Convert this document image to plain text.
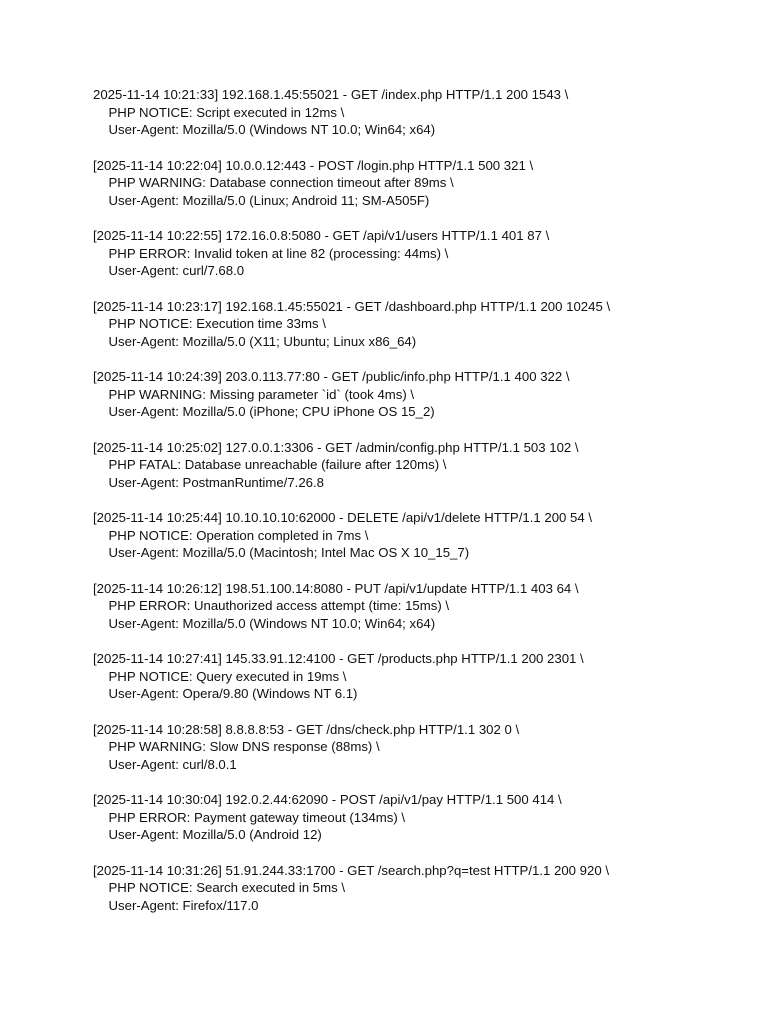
2025-11-14 10:21:33] 192.168.1.45:55021 - GET /index.php HTTP/1.1 200 1543 \
PHP NOTICE: Script executed in 12ms \
User-Agent: Mozilla/5.0 (Windows NT 10.0; Win64; x64)
[2025-11-14 10:22:04] 10.0.0.12:443 - POST /login.php HTTP/1.1 500 321 \
PHP WARNING: Database connection timeout after 89ms \
User-Agent: Mozilla/5.0 (Linux; Android 11; SM-A505F)
[2025-11-14 10:22:55] 172.16.0.8:5080 - GET /api/v1/users HTTP/1.1 401 87 \
PHP ERROR: Invalid token at line 82 (processing: 44ms) \
User-Agent: curl/7.68.0
[2025-11-14 10:23:17] 192.168.1.45:55021 - GET /dashboard.php HTTP/1.1 200 10245 \
PHP NOTICE: Execution time 33ms \
User-Agent: Mozilla/5.0 (X11; Ubuntu; Linux x86_64)
[2025-11-14 10:24:39] 203.0.113.77:80 - GET /public/info.php HTTP/1.1 400 322 \
PHP WARNING: Missing parameter `id` (took 4ms) \
User-Agent: Mozilla/5.0 (iPhone; CPU iPhone OS 15_2)
[2025-11-14 10:25:02] 127.0.0.1:3306 - GET /admin/config.php HTTP/1.1 503 102 \
PHP FATAL: Database unreachable (failure after 120ms) \
User-Agent: PostmanRuntime/7.26.8
[2025-11-14 10:25:44] 10.10.10.10:62000 - DELETE /api/v1/delete HTTP/1.1 200 54 \
PHP NOTICE: Operation completed in 7ms \
User-Agent: Mozilla/5.0 (Macintosh; Intel Mac OS X 10_15_7)
[2025-11-14 10:26:12] 198.51.100.14:8080 - PUT /api/v1/update HTTP/1.1 403 64 \
PHP ERROR: Unauthorized access attempt (time: 15ms) \
User-Agent: Mozilla/5.0 (Windows NT 10.0; Win64; x64)
[2025-11-14 10:27:41] 145.33.91.12:4100 - GET /products.php HTTP/1.1 200 2301 \
PHP NOTICE: Query executed in 19ms \
User-Agent: Opera/9.80 (Windows NT 6.1)
[2025-11-14 10:28:58] 8.8.8.8:53 - GET /dns/check.php HTTP/1.1 302 0 \
PHP WARNING: Slow DNS response (88ms) \
User-Agent: curl/8.0.1
[2025-11-14 10:30:04] 192.0.2.44:62090 - POST /api/v1/pay HTTP/1.1 500 414 \
PHP ERROR: Payment gateway timeout (134ms) \
User-Agent: Mozilla/5.0 (Android 12)
[2025-11-14 10:31:26] 51.91.244.33:1700 - GET /search.php?q=test HTTP/1.1 200 920 \
PHP NOTICE: Search executed in 5ms \
User-Agent: Firefox/117.0
